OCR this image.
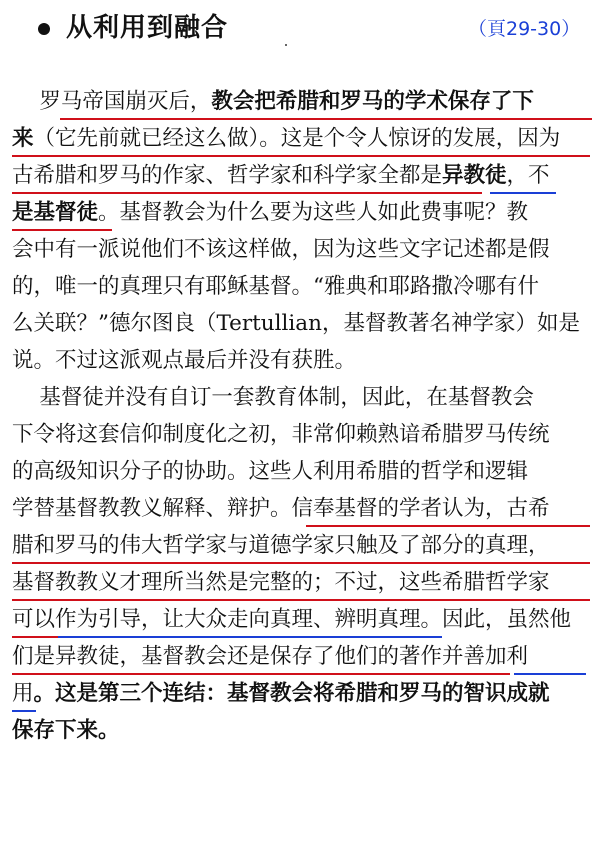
从利用到融合	（頁29-30）
罗马帝国崩灭后，教会把希腊和罗马的学术保存了下
来（它先前就已经这么做）。这是个令人惊讶的发展，因为
古希腊和罗马的作家、哲学家和科学家全都是异教徒，不
是基督徒。基督教会为什么要为这些人如此费事呢？教
会中有一派说他们不该这样做，因为这些文字记述都是假
的，唯一的真理只有耶稣基督。“雅典和耶路撒冷哪有什
么关联？”德尔图良（Tertullian，基督教著名神学家）如是
说。不过这派观点最后并没有获胜。
基督徒并没有自订一套教育体制，因此，在基督教会
下令将这套信仰制度化之初，非常仰赖熟谙希腊罗马传统
的高级知识分子的协助。这些人利用希腊的哲学和逻辑
学替基督教教义解释、辩护。信奉基督的学者认为，古希
腊和罗马的伟大哲学家与道德学家只触及了部分的真理，
基督教教义才理所当然是完整的；不过，这些希腊哲学家
可以作为引导，让大众走向真理、辨明真理。因此，虽然他
们是异教徒，基督教会还是保存了他们的著作并善加利
用。这是第三个连结：基督教会将希腊和罗马的智识成就
保存下来。
